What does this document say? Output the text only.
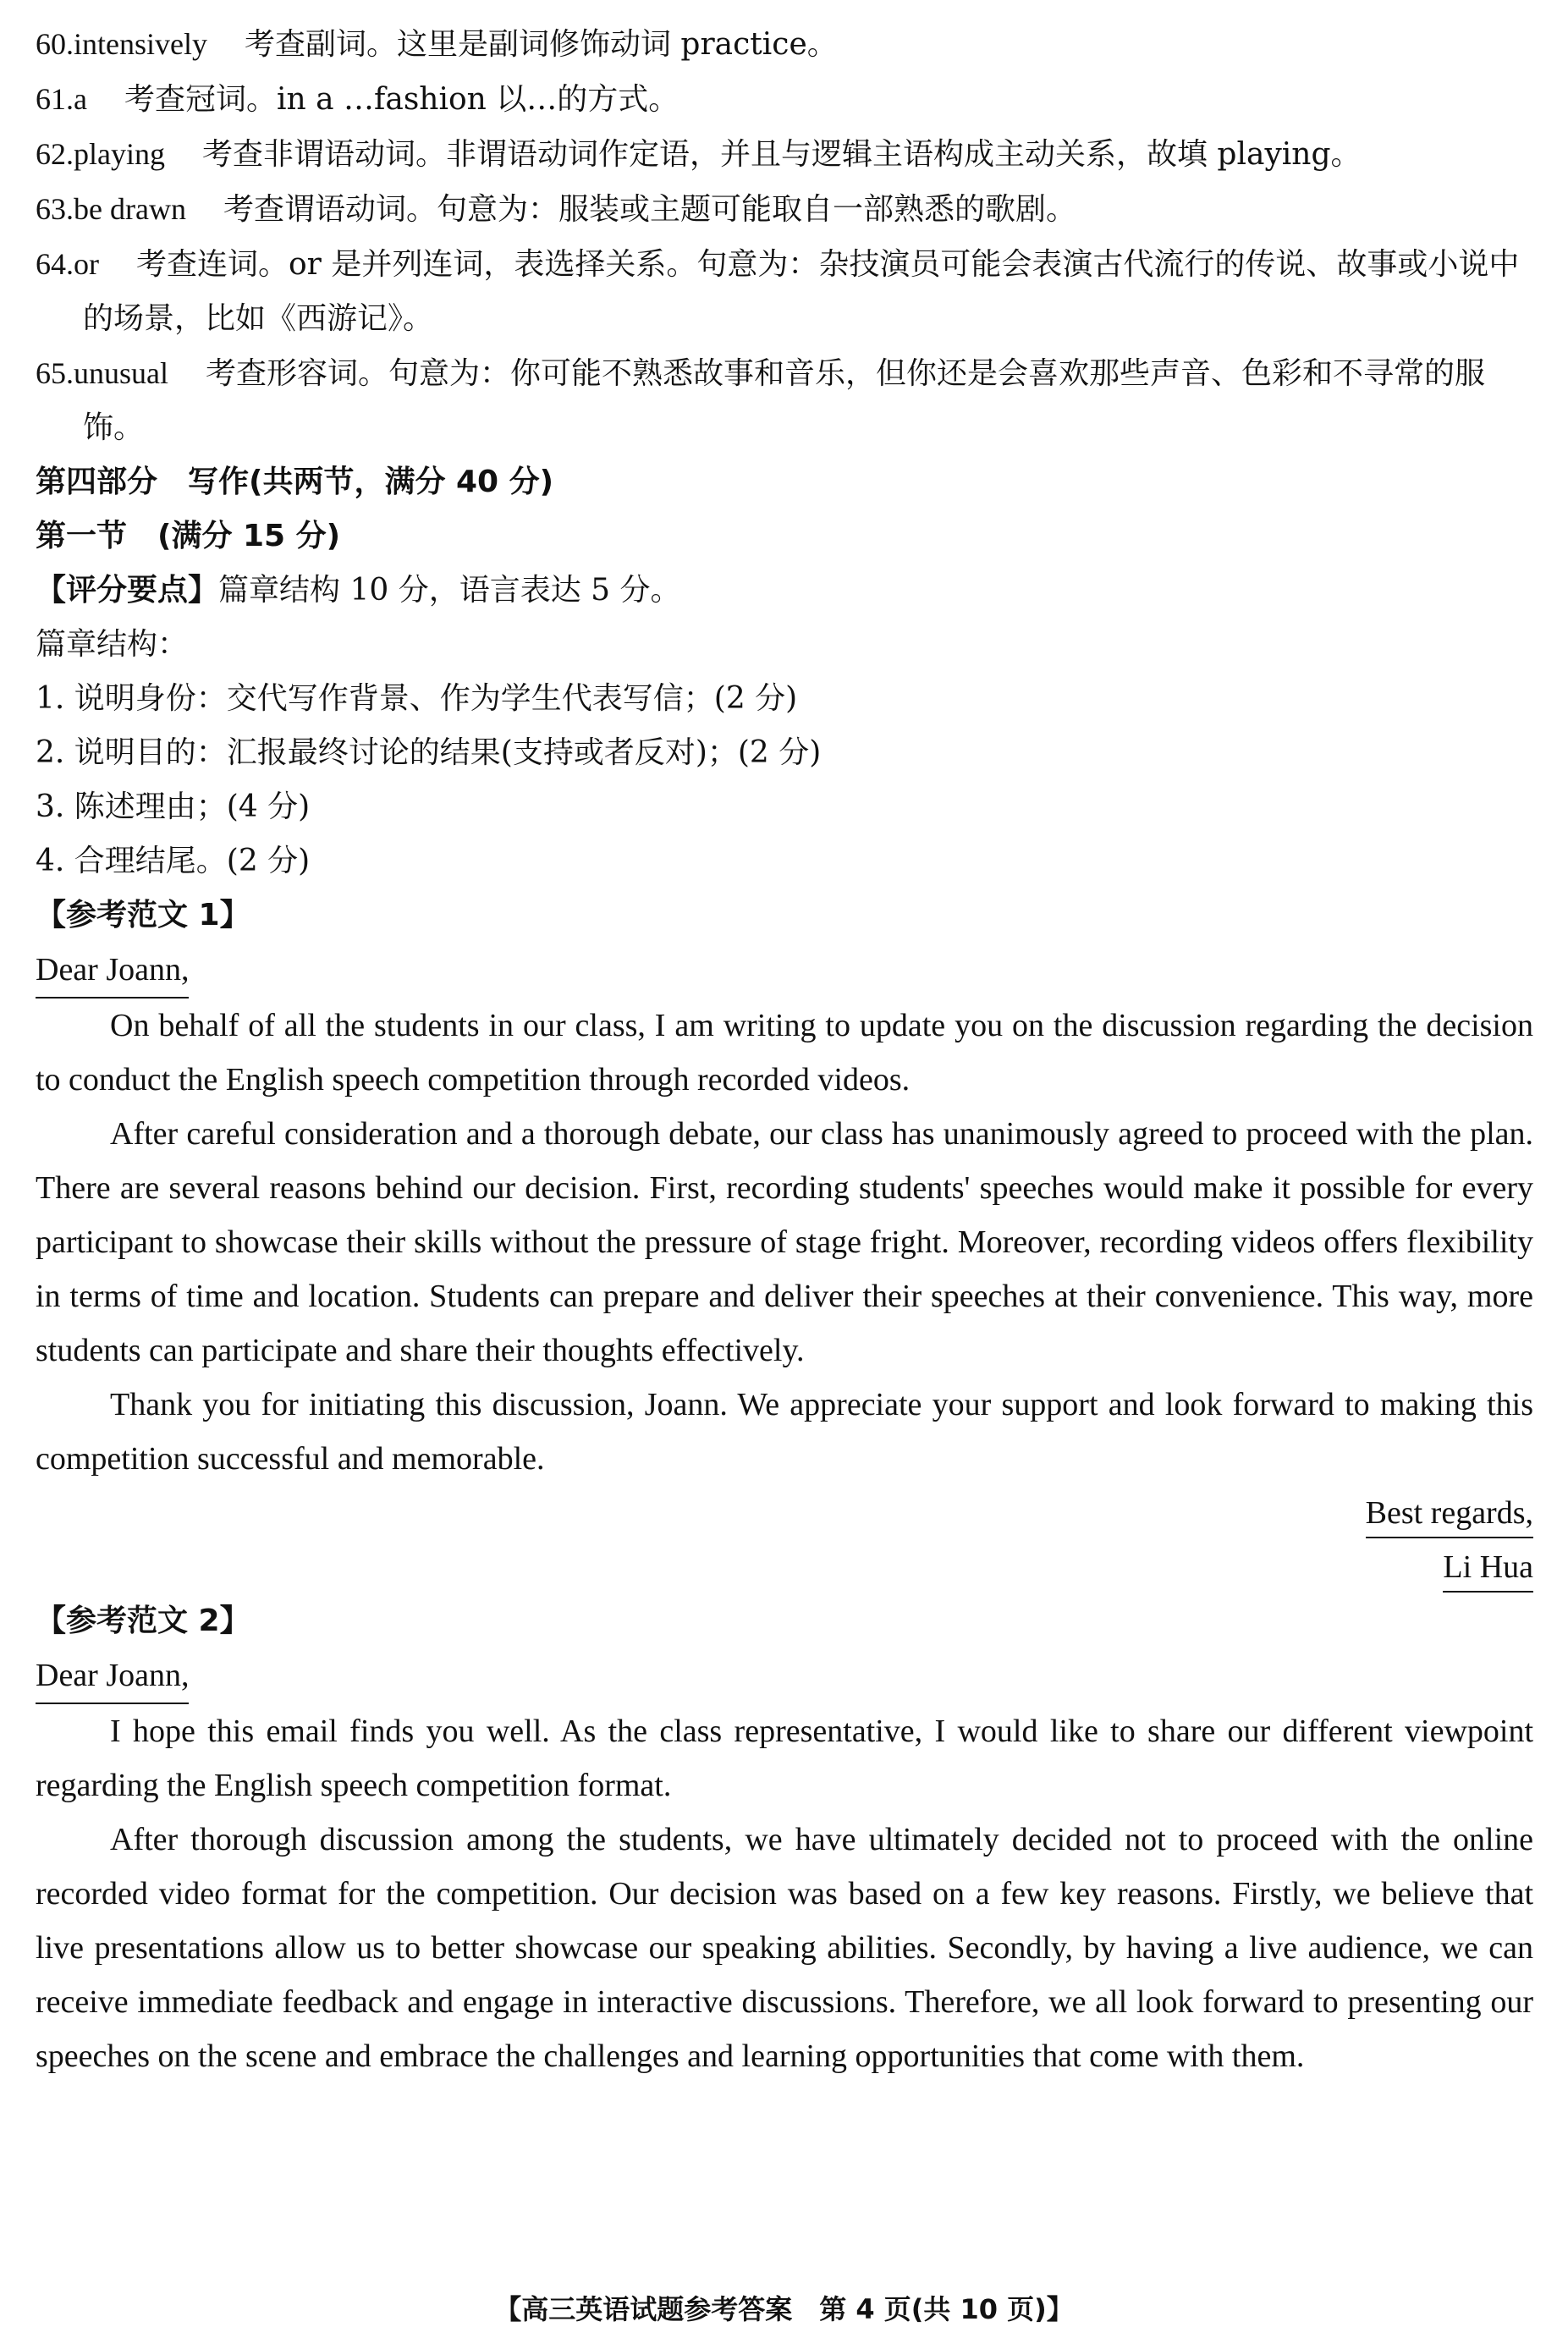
60.intensively 考查副词。这里是副词修饰动词 practice。

61.a 考查冠词。in a …fashion 以…的方式。

62.playing 考查非谓语动词。非谓语动词作定语，并且与逻辑主语构成主动关系，故填 playing。

63.be drawn 考查谓语动词。句意为：服装或主题可能取自一部熟悉的歌剧。

64.or 考查连词。or 是并列连词，表选择关系。句意为：杂技演员可能会表演古代流行的传说、故事或小说中的场景，比如《西游记》。

65.unusual 考查形容词。句意为：你可能不熟悉故事和音乐，但你还是会喜欢那些声音、色彩和不寻常的服饰。

第四部分　写作(共两节，满分 40 分)

第一节　(满分 15 分)

【评分要点】篇章结构 10 分，语言表达 5 分。

篇章结构：

1. 说明身份：交代写作背景、作为学生代表写信；(2 分)

2. 说明目的：汇报最终讨论的结果(支持或者反对)；(2 分)

3. 陈述理由；(4 分)

4. 合理结尾。(2 分)

【参考范文 1】

Dear Joann,

On behalf of all the students in our class, I am writing to update you on the discussion regarding the decision to conduct the English speech competition through recorded videos.

After careful consideration and a thorough debate, our class has unanimously agreed to proceed with the plan. There are several reasons behind our decision. First, recording students' speeches would make it possible for every participant to showcase their skills without the pressure of stage fright. Moreover, recording videos offers flexibility in terms of time and location. Students can prepare and deliver their speeches at their convenience. This way, more students can participate and share their thoughts effectively.

Thank you for initiating this discussion, Joann. We appreciate your support and look forward to making this competition successful and memorable.

Best regards,

Li Hua

【参考范文 2】

Dear Joann,

I hope this email finds you well. As the class representative, I would like to share our different viewpoint regarding the English speech competition format.

After thorough discussion among the students, we have ultimately decided not to proceed with the online recorded video format for the competition. Our decision was based on a few key reasons. Firstly, we believe that live presentations allow us to better showcase our speaking abilities. Secondly, by having a live audience, we can receive immediate feedback and engage in interactive discussions. Therefore, we all look forward to presenting our speeches on the scene and embrace the challenges and learning opportunities that come with them.

【高三英语试题参考答案　第 4 页(共 10 页)】
